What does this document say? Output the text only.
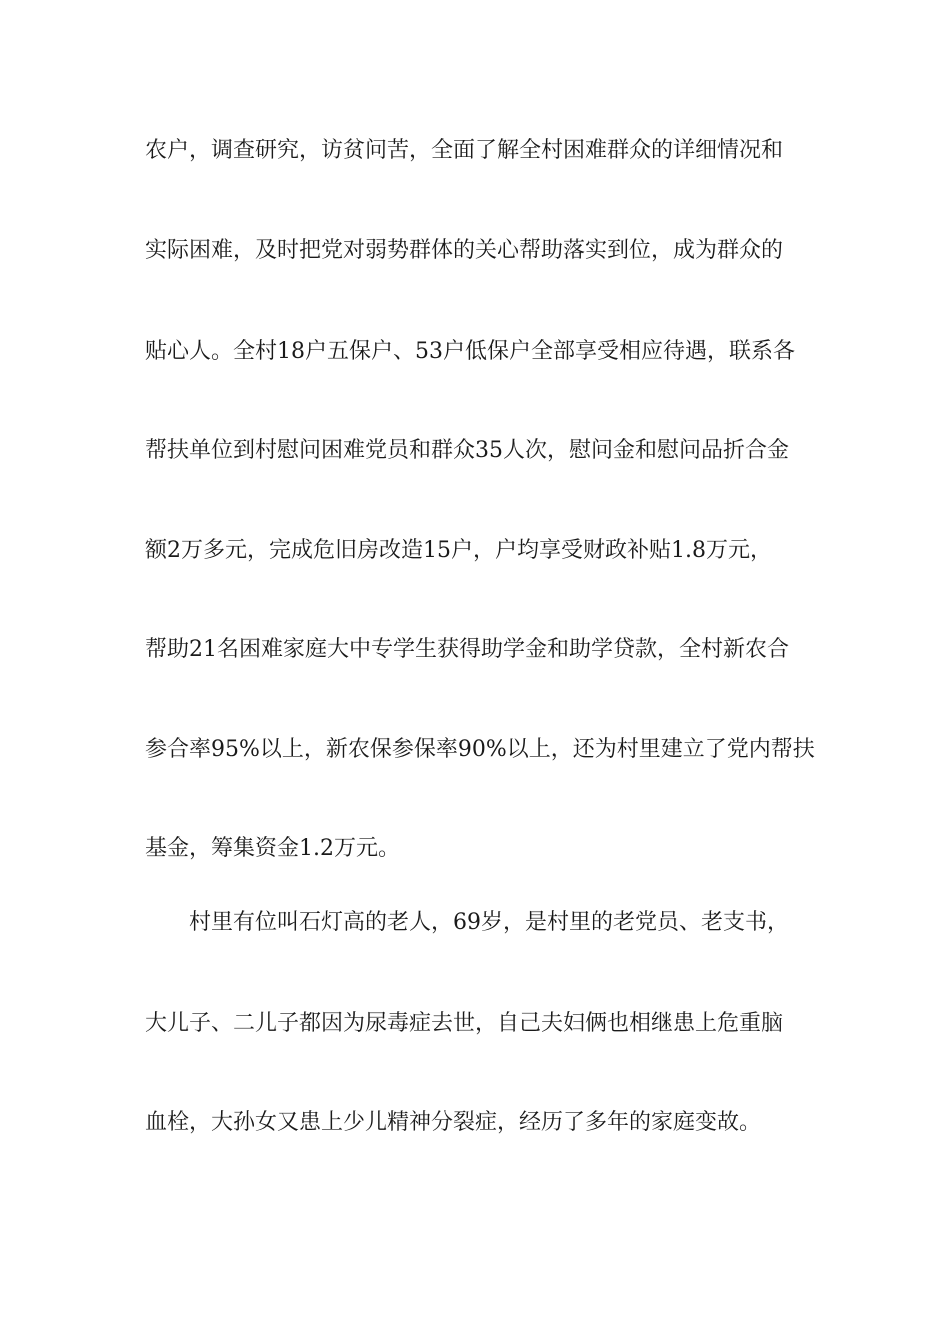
农户，调查研究，访贫问苦，全面了解全村困难群众的详细情况和
实际困难，及时把党对弱势群体的关心帮助落实到位，成为群众的
贴心人。全村18户五保户、53户低保户全部享受相应待遇，联系各
帮扶单位到村慰问困难党员和群众35人次，慰问金和慰问品折合金
额2万多元，完成危旧房改造15户，户均享受财政补贴1.8万元，
帮助21名困难家庭大中专学生获得助学金和助学贷款，全村新农合
参合率95%以上，新农保参保率90%以上，还为村里建立了党内帮扶
基金，筹集资金1.2万元。
村里有位叫石灯高的老人，69岁，是村里的老党员、老支书，
大儿子、二儿子都因为尿毒症去世，自己夫妇俩也相继患上危重脑
血栓，大孙女又患上少儿精神分裂症，经历了多年的家庭变故。
